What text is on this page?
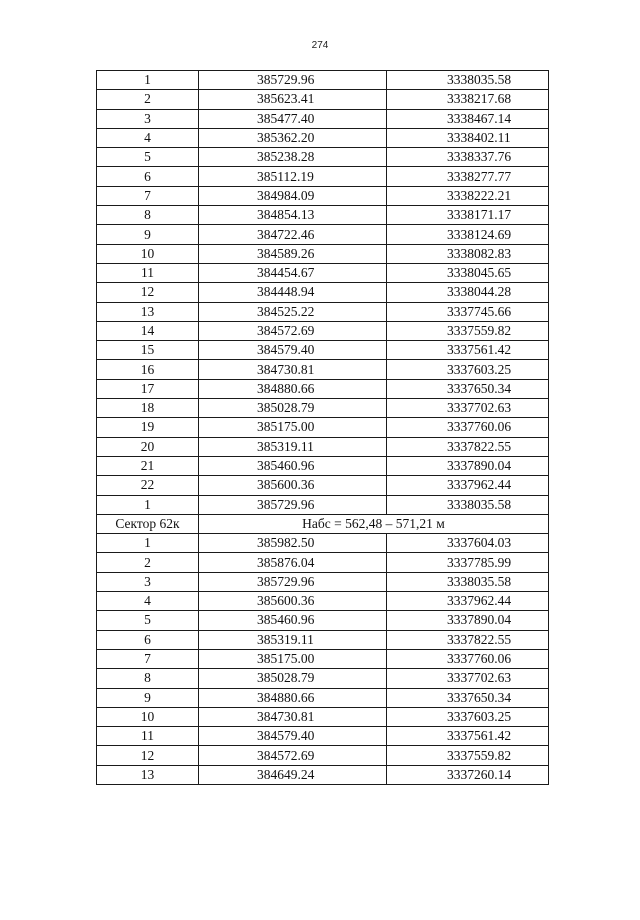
274
1	385729.96	3338035.58
2	385623.41	3338217.68
3	385477.40	3338467.14
4	385362.20	3338402.11
5	385238.28	3338337.76
6	385112.19	3338277.77
7	384984.09	3338222.21
8	384854.13	3338171.17
9	384722.46	3338124.69
10	384589.26	3338082.83
11	384454.67	3338045.65
12	384448.94	3338044.28
13	384525.22	3337745.66
14	384572.69	3337559.82
15	384579.40	3337561.42
16	384730.81	3337603.25
17	384880.66	3337650.34
18	385028.79	3337702.63
19	385175.00	3337760.06
20	385319.11	3337822.55
21	385460.96	3337890.04
22	385600.36	3337962.44
1	385729.96	3338035.58
Сектор 62к	Набс = 562,48 – 571,21 м	
1	385982.50	3337604.03
2	385876.04	3337785.99
3	385729.96	3338035.58
4	385600.36	3337962.44
5	385460.96	3337890.04
6	385319.11	3337822.55
7	385175.00	3337760.06
8	385028.79	3337702.63
9	384880.66	3337650.34
10	384730.81	3337603.25
11	384579.40	3337561.42
12	384572.69	3337559.82
13	384649.24	3337260.14
